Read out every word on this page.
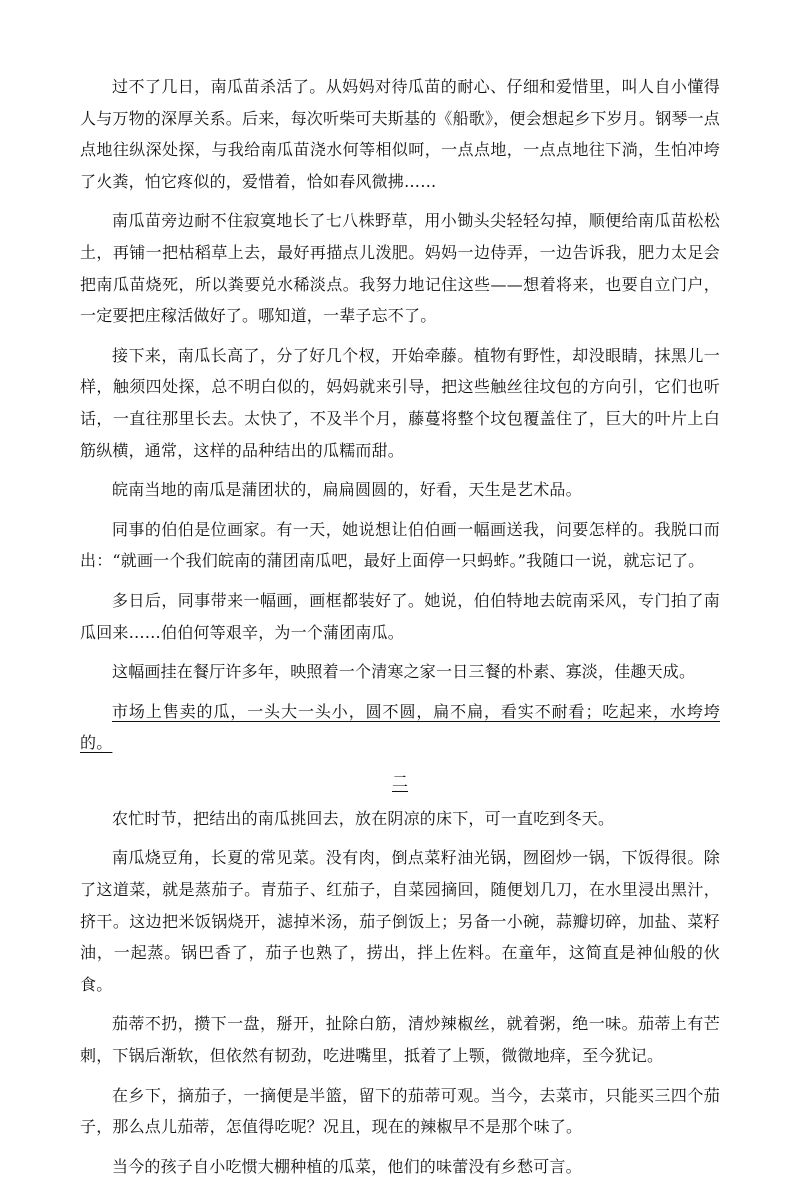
过不了几日，南瓜苗杀活了。从妈妈对待瓜苗的耐心、仔细和爱惜里，叫人自小懂得人与万物的深厚关系。后来，每次听柴可夫斯基的《船歌》，便会想起乡下岁月。钢琴一点点地往纵深处探，与我给南瓜苗浇水何等相似呵，一点点地，一点点地往下淌，生怕冲垮了火粪，怕它疼似的，爱惜着，恰如春风微拂……

南瓜苗旁边耐不住寂寞地长了七八株野草，用小锄头尖轻轻勾掉，顺便给南瓜苗松松土，再铺一把枯稻草上去，最好再描点儿泼肥。妈妈一边侍弄，一边告诉我，肥力太足会把南瓜苗烧死，所以粪要兑水稀淡点。我努力地记住这些——想着将来，也要自立门户，一定要把庄稼活做好了。哪知道，一辈子忘不了。

接下来，南瓜长高了，分了好几个杈，开始牵藤。植物有野性，却没眼睛，抹黑儿一样，触须四处探，总不明白似的，妈妈就来引导，把这些触丝往坟包的方向引，它们也听话，一直往那里长去。太快了，不及半个月，藤蔓将整个坟包覆盖住了，巨大的叶片上白筋纵横，通常，这样的品种结出的瓜糯而甜。

皖南当地的南瓜是蒲团状的，扁扁圆圆的，好看，天生是艺术品。

同事的伯伯是位画家。有一天，她说想让伯伯画一幅画送我，问要怎样的。我脱口而出：“就画一个我们皖南的蒲团南瓜吧，最好上面停一只蚂蚱。”我随口一说，就忘记了。

多日后，同事带来一幅画，画框都装好了。她说，伯伯特地去皖南采风，专门拍了南瓜回来……伯伯何等艰辛，为一个蒲团南瓜。

这幅画挂在餐厅许多年，映照着一个清寒之家一日三餐的朴素、寡淡，佳趣天成。

市场上售卖的瓜，一头大一头小，圆不圆，扁不扁，看实不耐看；吃起来，水垮垮的。

二

农忙时节，把结出的南瓜挑回去，放在阴凉的床下，可一直吃到冬天。

南瓜烧豆角，长夏的常见菜。没有肉，倒点菜籽油光锅，囫囵炒一锅，下饭得很。除了这道菜，就是蒸茄子。青茄子、红茄子，自菜园摘回，随便划几刀，在水里浸出黑汁，挤干。这边把米饭锅烧开，滤掉米汤，茄子倒饭上；另备一小碗，蒜瓣切碎，加盐、菜籽油，一起蒸。锅巴香了，茄子也熟了，捞出，拌上佐料。在童年，这简直是神仙般的伙食。

茄蒂不扔，攒下一盘，掰开，扯除白筋，清炒辣椒丝，就着粥，绝一味。茄蒂上有芒刺，下锅后渐软，但依然有韧劲，吃进嘴里，抵着了上颚，微微地痒，至今犹记。

在乡下，摘茄子，一摘便是半篮，留下的茄蒂可观。当今，去菜市，只能买三四个茄子，那么点儿茄蒂，怎值得吃呢？况且，现在的辣椒早不是那个味了。

当今的孩子自小吃惯大棚种植的瓜菜，他们的味蕾没有乡愁可言。
